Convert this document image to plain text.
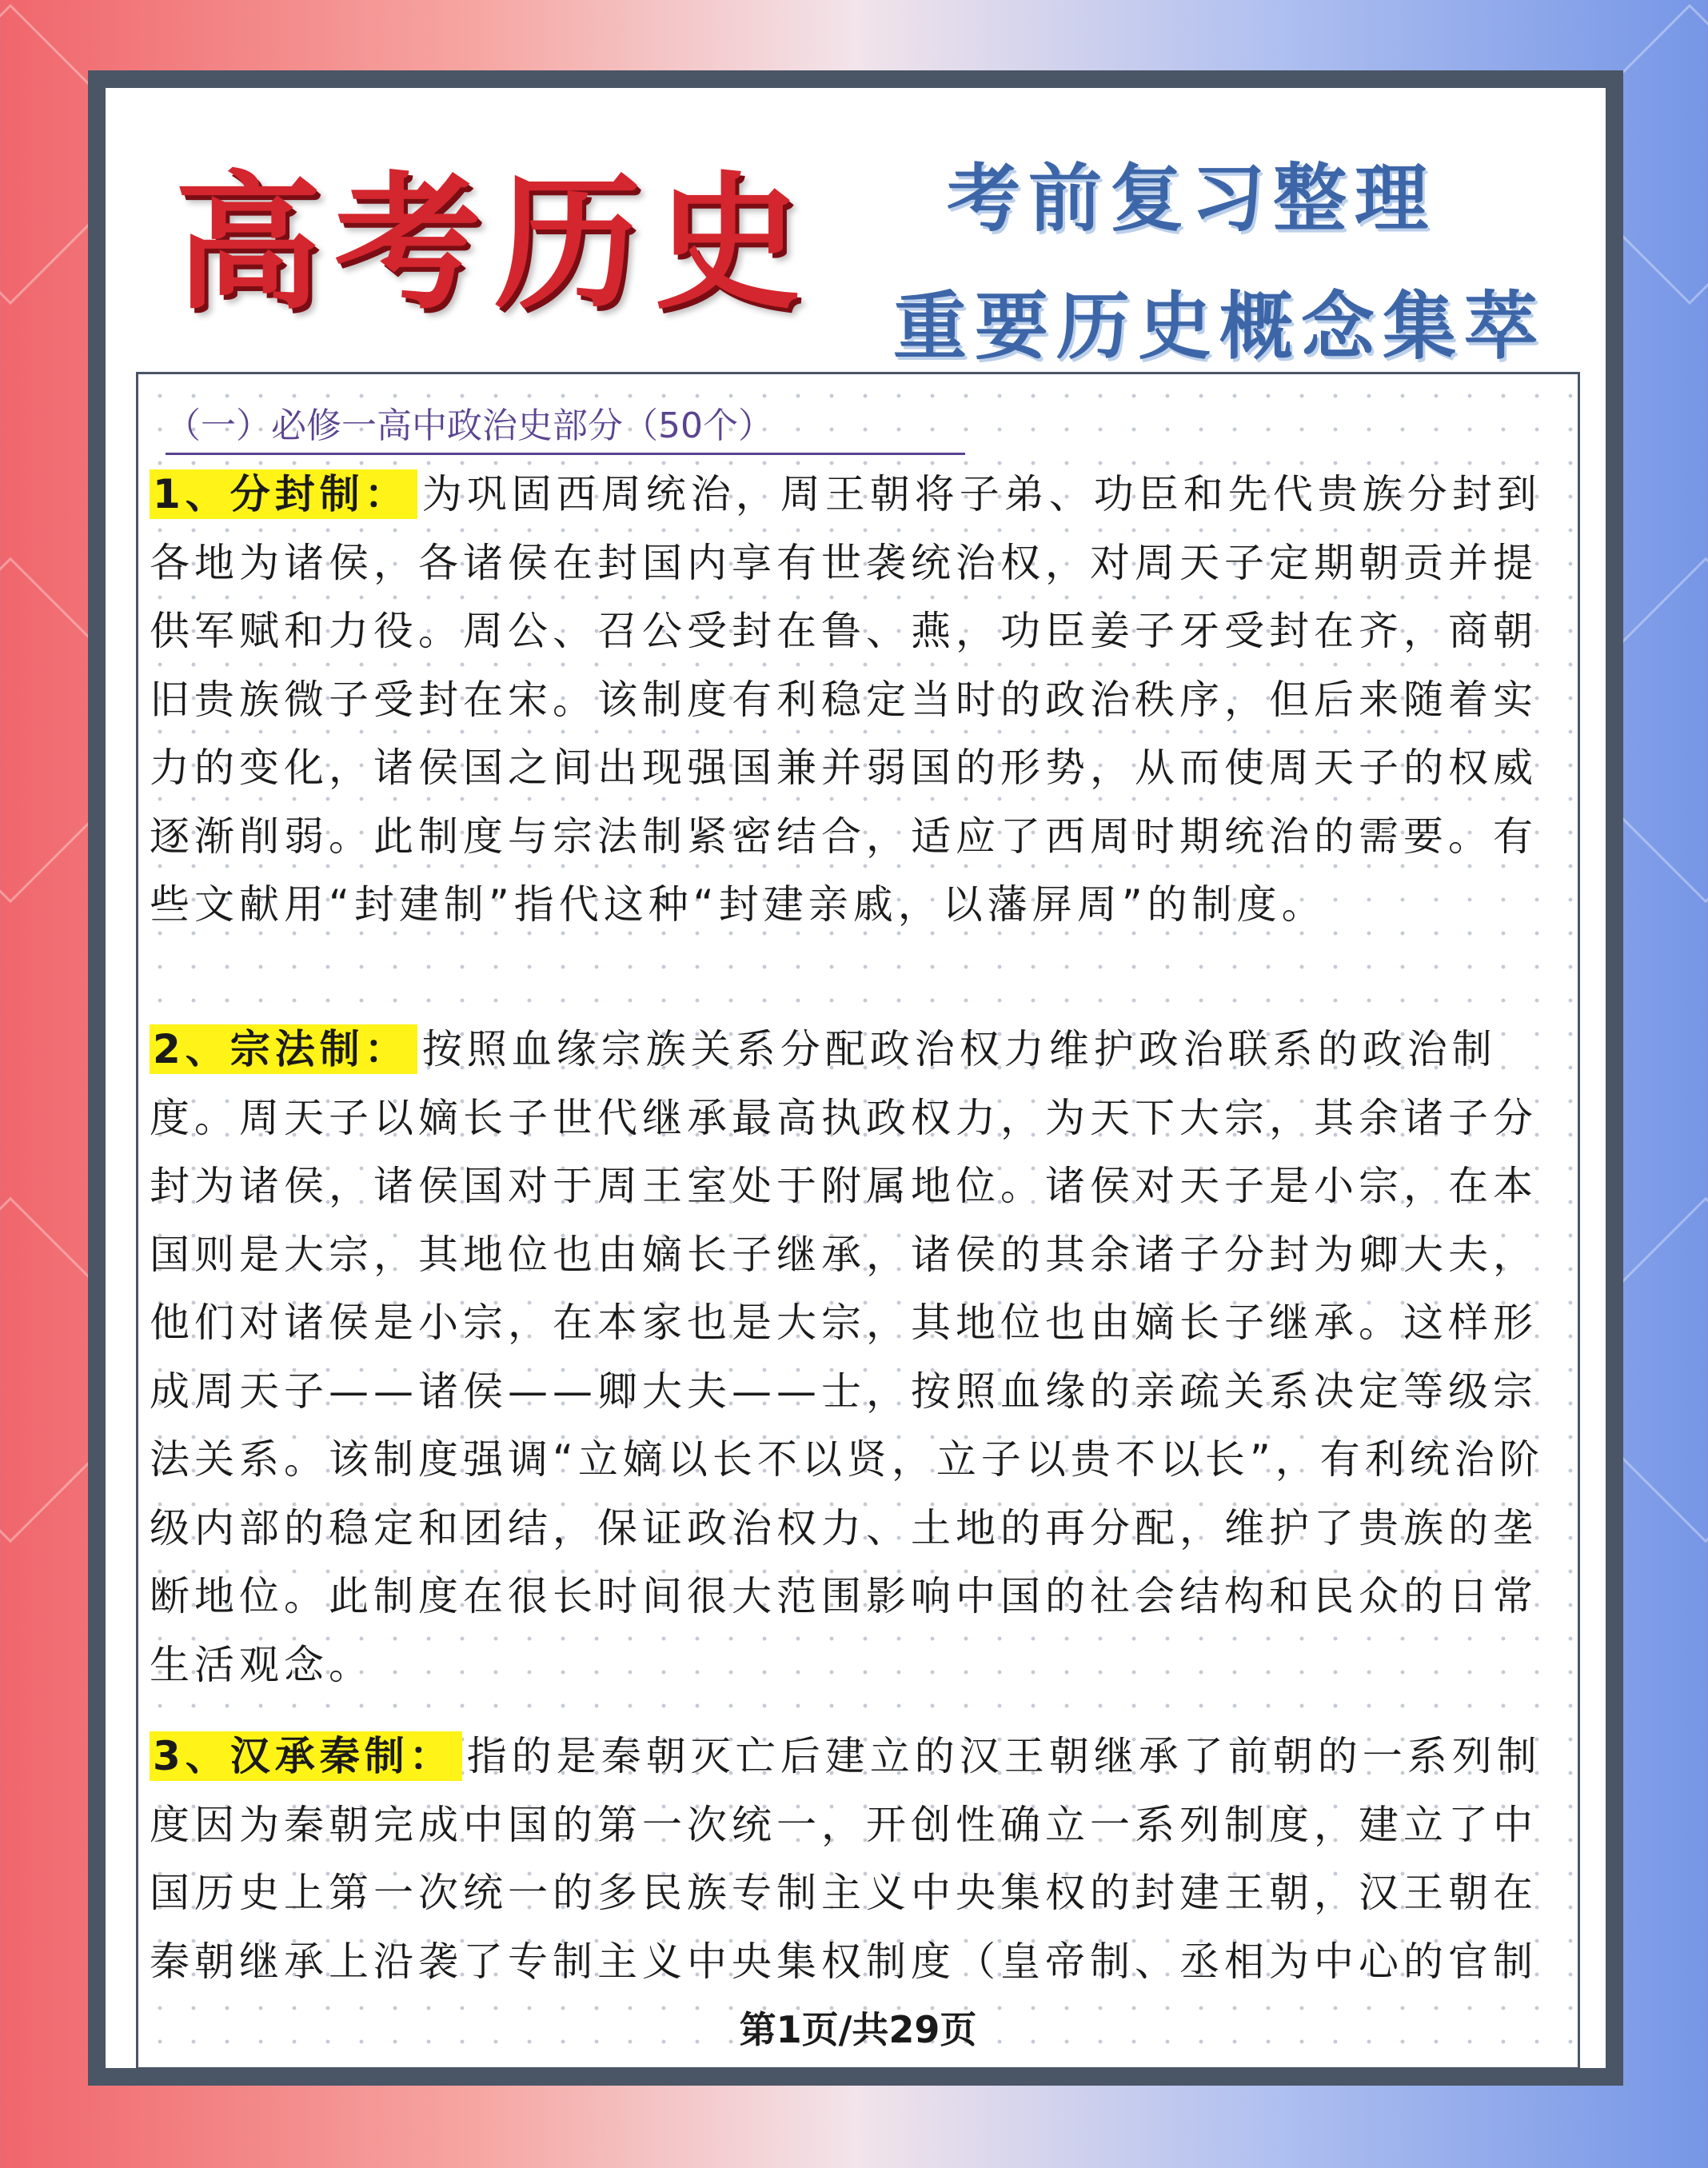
高考历史	考前复习整理
重要历史概念集萃
（一）必修一高中政治史部分（50个）

1、分封制： 为巩固西周统治，周王朝将子弟、功臣和先代贵族分封到各地为诸侯，各诸侯在封国内享有世袭统治权，对周天子定期朝贡并提供军赋和力役。周公、召公受封在鲁、燕，功臣姜子牙受封在齐，商朝旧贵族微子受封在宋。该制度有利稳定当时的政治秩序，但后来随着实力的变化，诸侯国之间出现强国兼并弱国的形势，从而使周天子的权威逐渐削弱。此制度与宗法制紧密结合，适应了西周时期统治的需要。有些文献用“封建制”指代这种“封建亲戚，以藩屏周”的制度。

2、宗法制： 按照血缘宗族关系分配政治权力维护政治联系的政治制度。周天子以嫡长子世代继承最高执政权力，为天下大宗，其余诸子分封为诸侯，诸侯国对于周王室处于附属地位。诸侯对天子是小宗，在本国则是大宗，其地位也由嫡长子继承，诸侯的其余诸子分封为卿大夫，他们对诸侯是小宗，在本家也是大宗，其地位也由嫡长子继承。这样形成周天子——诸侯——卿大夫——士，按照血缘的亲疏关系决定等级宗法关系。该制度强调“立嫡以长不以贤，立子以贵不以长”，有利统治阶级内部的稳定和团结，保证政治权力、土地的再分配，维护了贵族的垄断地位。此制度在很长时间很大范围影响中国的社会结构和民众的日常生活观念。

3、汉承秦制： 指的是秦朝灭亡后建立的汉王朝继承了前朝的一系列制度因为秦朝完成中国的第一次统一，开创性确立一系列制度，建立了中国历史上第一次统一的多民族专制主义中央集权的封建王朝，汉王朝在秦朝继承上沿袭了专制主义中央集权制度（皇帝制、丞相为中心的官制

第1页/共29页
